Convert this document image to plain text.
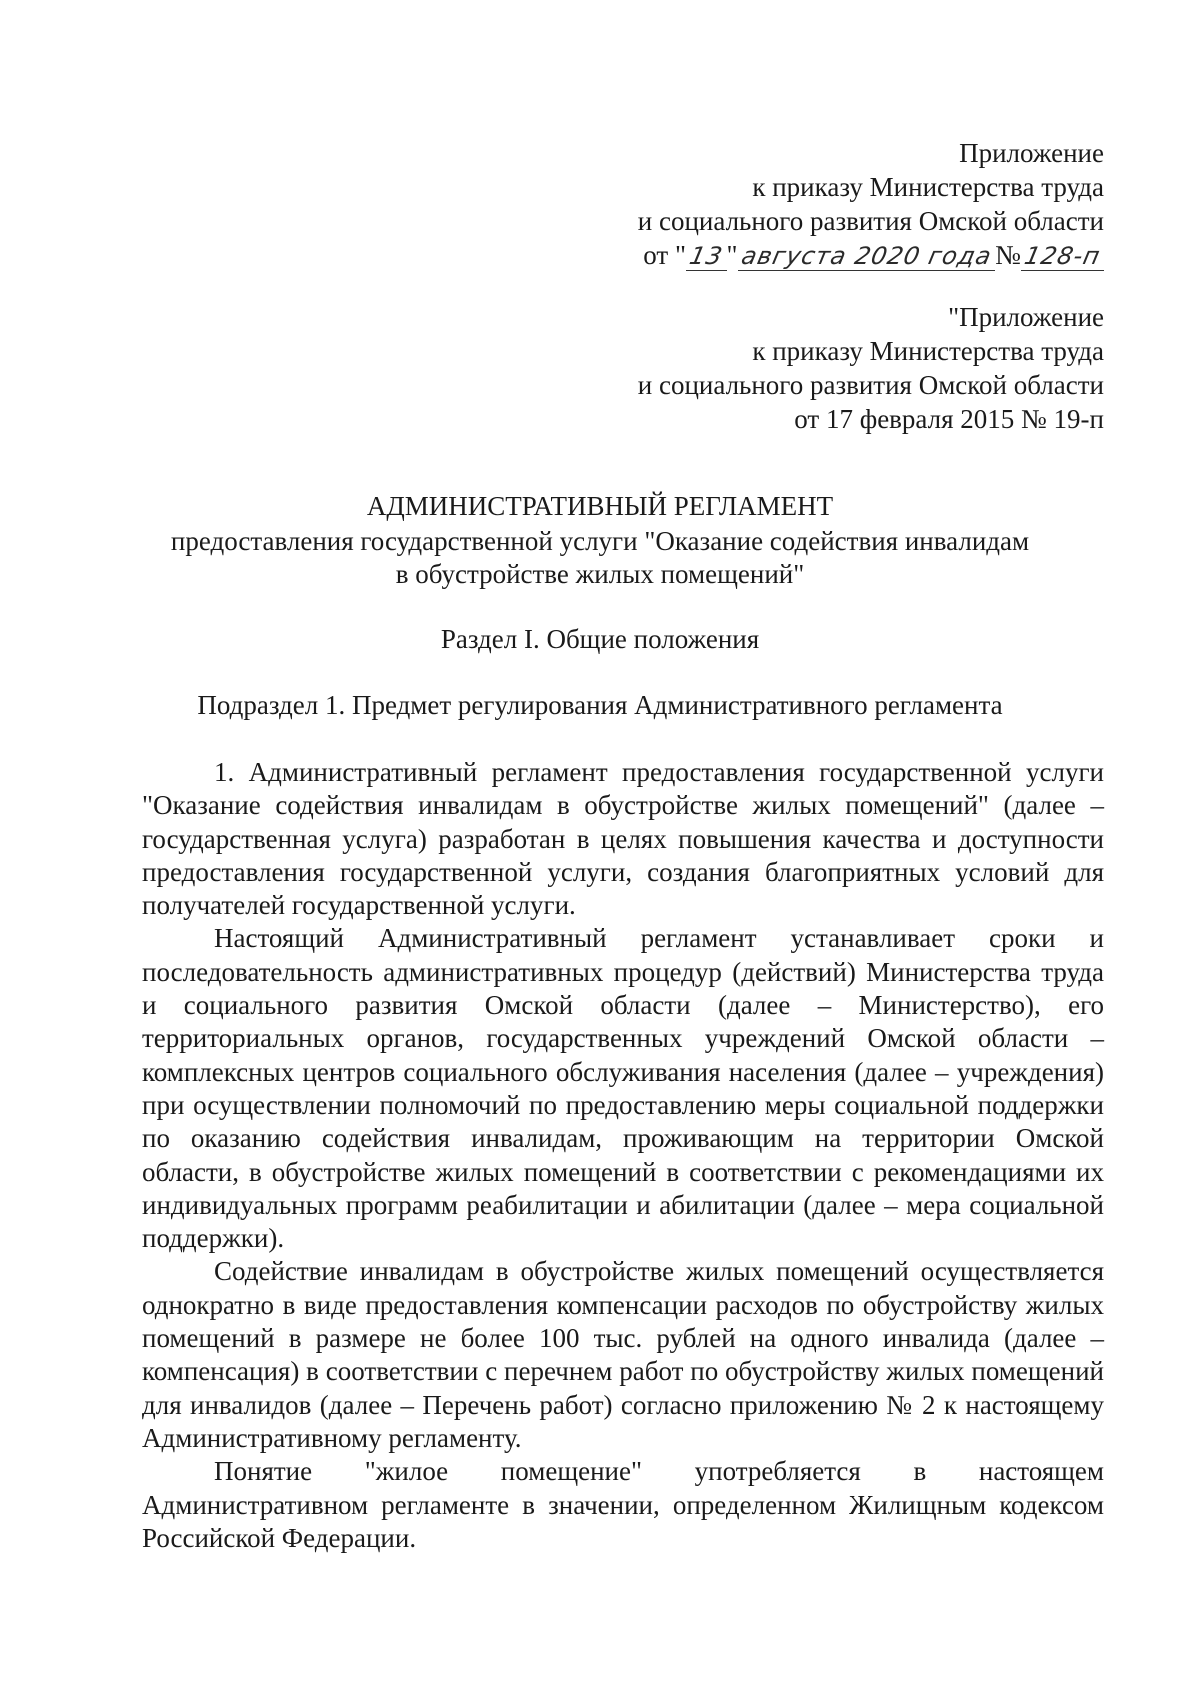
Приложение
к приказу Министерства труда
и социального развития Омской области
от "13"августа 2020 года№128-п
"Приложение
к приказу Министерства труда
и социального развития Омской области
от 17 февраля 2015 № 19-п
АДМИНИСТРАТИВНЫЙ РЕГЛАМЕНТ
предоставления государственной услуги "Оказание содействия инвалидам
в обустройстве жилых помещений"
Раздел I. Общие положения
Подраздел 1. Предмет регулирования Административного регламента

1. Административный регламент предоставления государственной услуги "Оказание содействия инвалидам в обустройстве жилых помещений" (далее – государственная услуга) разработан в целях повышения качества и доступности предоставления государственной услуги, создания благоприятных условий для получателей государственной услуги.

Настоящий Административный регламент устанавливает сроки и последовательность административных процедур (действий) Министерства труда и социального развития Омской области (далее – Министерство), его территориальных органов, государственных учреждений Омской области – комплексных центров социального обслуживания населения (далее – учреждения) при осуществлении полномочий по предоставлению меры социальной поддержки по оказанию содействия инвалидам, проживающим на территории Омской области, в обустройстве жилых помещений в соответствии с рекомендациями их индивидуальных программ реабилитации и абилитации (далее – мера социальной поддержки).

Содействие инвалидам в обустройстве жилых помещений осуществляется однократно в виде предоставления компенсации расходов по обустройству жилых помещений в размере не более 100 тыс. рублей на одного инвалида (далее – компенсация) в соответствии с перечнем работ по обустройству жилых помещений для инвалидов (далее – Перечень работ) согласно приложению № 2 к настоящему Административному регламенту.

Понятие "жилое помещение" употребляется в настоящем Административном регламенте в значении, определенном Жилищным кодексом Российской Федерации.
